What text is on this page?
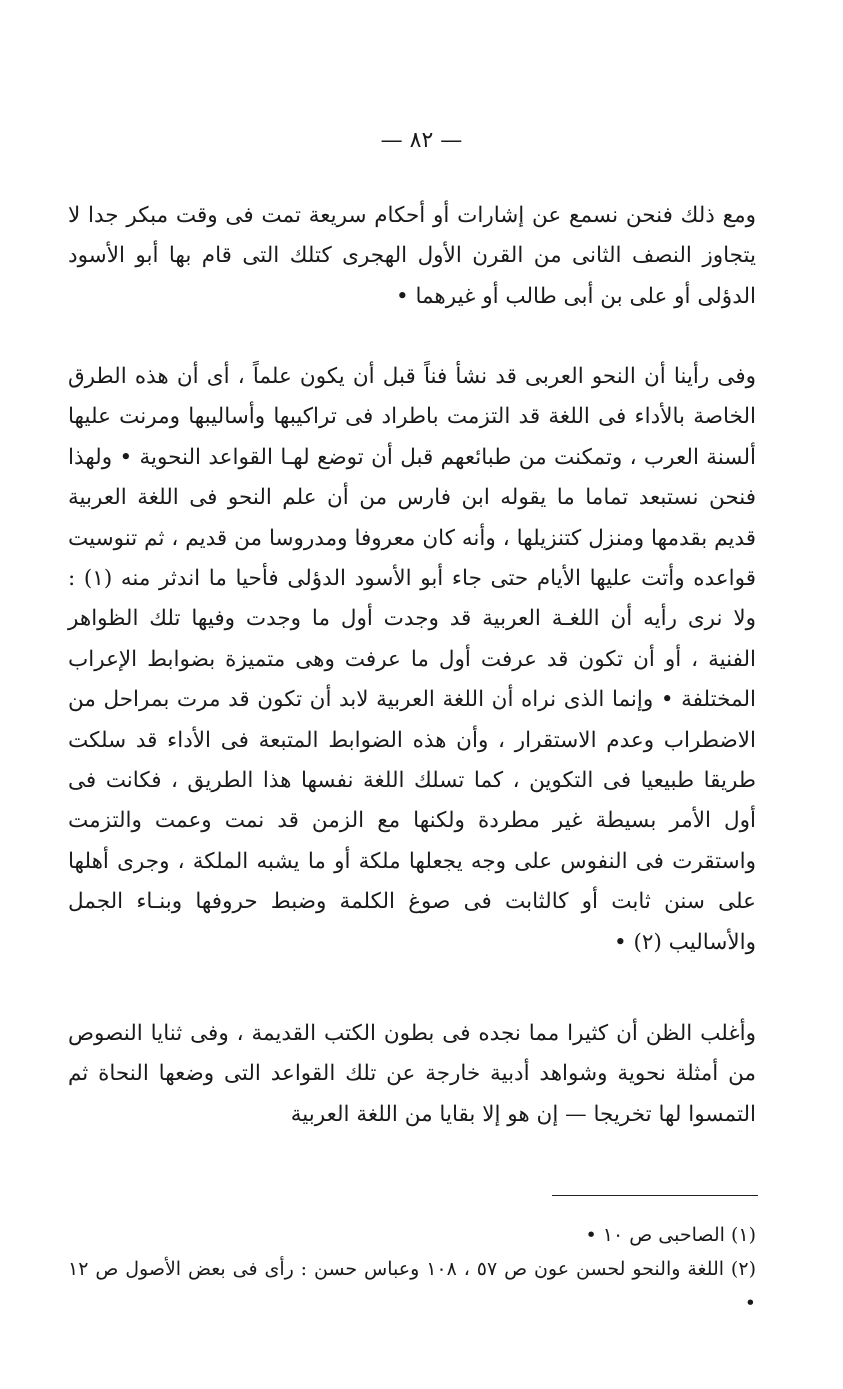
— ٨٢ —

ومع ذلك فنحن نسمع عن إشارات أو أحكام سريعة تمت فى وقت مبكر جدا لا يتجاوز النصف الثانى من القرن الأول الهجرى كتلك التى قام بها أبو الأسود الدؤلى أو على بن أبى طالب أو غيرهما •

وفى رأينا أن النحو العربى قد نشأ فناً قبل أن يكون علماً ، أى أن هذه الطرق الخاصة بالأداء فى اللغة قد التزمت باطراد فى تراكيبها وأساليبها ومرنت عليها ألسنة العرب ، وتمكنت من طبائعهم قبل أن توضع لهـا القواعد النحوية • ولهذا فنحن نستبعد تماما ما يقوله ابن فارس من أن علم النحو فى اللغة العربية قديم بقدمها ومنزل كتنزيلها ، وأنه كان معروفا ومدروسا من قديم ، ثم تنوسيت قواعده وأتت عليها الأيام حتى جاء أبو الأسود الدؤلى فأحيا ما اندثر منه (١) : ولا نرى رأيه أن اللغـة العربية قد وجدت أول ما وجدت وفيها تلك الظواهر الفنية ، أو أن تكون قد عرفت أول ما عرفت وهى متميزة بضوابط الإعراب المختلفة • وإنما الذى نراه أن اللغة العربية لابد أن تكون قد مرت بمراحل من الاضطراب وعدم الاستقرار ، وأن هذه الضوابط المتبعة فى الأداء قد سلكت طريقا طبيعيا فى التكوين ، كما تسلك اللغة نفسها هذا الطريق ، فكانت فى أول الأمر بسيطة غير مطردة ولكنها مع الزمن قد نمت وعمت والتزمت واستقرت فى النفوس على وجه يجعلها ملكة أو ما يشبه الملكة ، وجرى أهلها على سنن ثابت أو كالثابت فى صوغ الكلمة وضبط حروفها وبنـاء الجمل والأساليب (٢) •

وأغلب الظن أن كثيرا مما نجده فى بطون الكتب القديمة ، وفى ثنايا النصوص من أمثلة نحوية وشواهد أدبية خارجة عن تلك القواعد التى وضعها النحاة ثم التمسوا لها تخريجا — إن هو إلا بقايا من اللغة العربية

(١) الصاحبى ص ١٠ •

(٢) اللغة والنحو لحسن عون ص ٥٧ ، ١٠٨ وعباس حسن : رأى فى بعض الأصول ص ١٢ •
